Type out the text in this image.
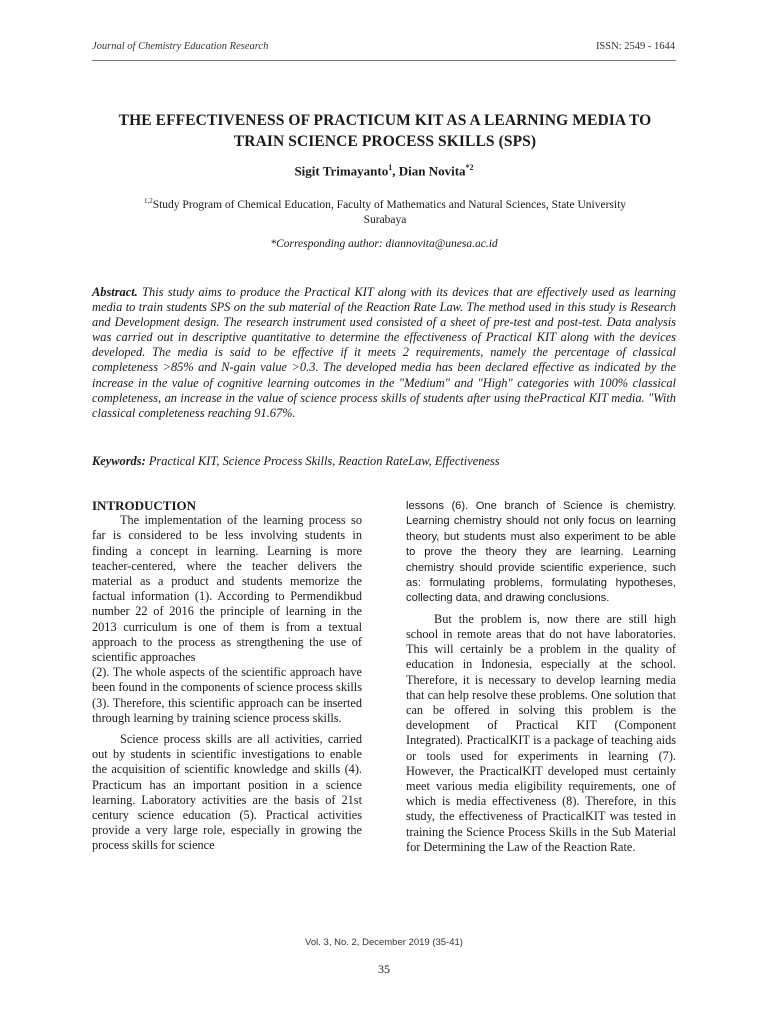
Journal of Chemistry Education Research	ISSN: 2549 - 1644
THE EFFECTIVENESS OF PRACTICUM KIT AS A LEARNING MEDIA TO
TRAIN SCIENCE PROCESS SKILLS (SPS)
Sigit Trimayanto$^1$, Dian Novita$^{*2}$
$^{1,2}$Study Program of Chemical Education, Faculty of Mathematics and Natural Sciences, State University
Surabaya
*Corresponding author: diannovita@unesa.ac.id
Abstract. This study aims to produce the Practical KIT along with its devices that are effectively used as learning media to train students SPS on the sub material of the Reaction Rate Law. The method used in this study is Research and Development design. The research instrument used consisted of a sheet of pre-test and post-test. Data analysis was carried out in descriptive quantitative to determine the effectiveness of Practical KIT along with the devices developed. The media is said to be effective if it meets 2 requirements, namely the percentage of classical completeness >85% and N-gain value >0.3. The developed media has been declared effective as indicated by the increase in the value of cognitive learning outcomes in the "Medium" and "High" categories with 100% classical completeness, an increase in the value of science process skills of students after using thePractical KIT media. "With classical completeness reaching 91.67%.
Keywords: Practical KIT, Science Process Skills, Reaction RateLaw, Effectiveness

INTRODUCTION

The implementation of the learning process so far is considered to be less involving students in finding a concept in learning. Learning is more teacher-centered, where the teacher delivers the material as a product and students memorize the factual information (1). According to Permendikbud number 22 of 2016 the principle of learning in the 2013 curriculum is one of them is from a textual approach to the process as strengthening the use of scientific approaches

(2). The whole aspects of the scientific approach have been found in the components of science process skills (3). Therefore, this scientific approach can be inserted through learning by training science process skills.

Science process skills are all activities, carried out by students in scientific investigations to enable the acquisition of scientific knowledge and skills (4). Practicum has an important position in a science learning. Laboratory activities are the basis of 21st century science education (5). Practical activities provide a very large role, especially in growing the process skills for science

lessons (6). One branch of Science is chemistry. Learning chemistry should not only focus on learning theory, but students must also experiment to be able to prove the theory they are learning. Learning chemistry should provide scientific experience, such as: formulating problems, formulating hypotheses, collecting data, and drawing conclusions.

But the problem is, now there are still high school in remote areas that do not have laboratories. This will certainly be a problem in the quality of education in Indonesia, especially at the school. Therefore, it is necessary to develop learning media that can help resolve these problems. One solution that can be offered in solving this problem is the development of Practical KIT (Component Integrated). PracticalKIT is a package of teaching aids or tools used for experiments in learning (7). However, the PracticalKIT developed must certainly meet various media eligibility requirements, one of which is media effectiveness (8). Therefore, in this study, the effectiveness of PracticalKIT was tested in training the Science Process Skills in the Sub Material for Determining the Law of the Reaction Rate.

Vol. 3, No. 2, December 2019 (35-41)
35
